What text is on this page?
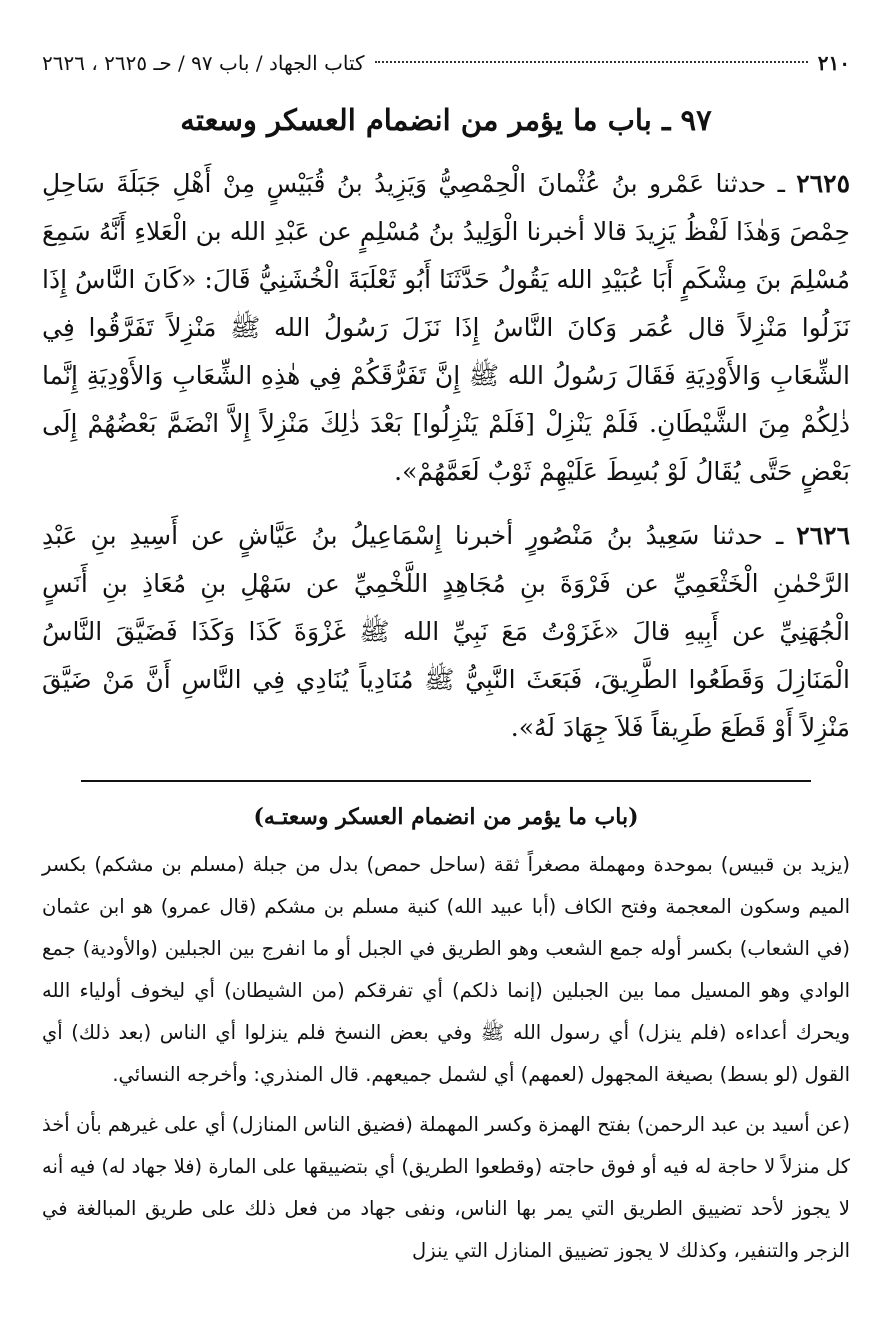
٢١٠
كتاب الجهاد / باب ٩٧ / حـ ٢٦٢٥ ، ٢٦٢٦
٩٧ ـ باب ما يؤمر من انضمام العسكر وسعته

٢٦٢٥ ـ حدثنا عَمْرو بنُ عُثْمانَ الْحِمْصِيُّ وَيَزِيدُ بنُ قُبَيْسٍ مِنْ أَهْلِ جَبَلَةَ سَاحِلِ حِمْصَ وَهٰذَا لَفْظُ يَزِيدَ قالا أخبرنا الْوَلِيدُ بنُ مُسْلِمٍ عن عَبْدِ الله بن الْعَلاءِ أَنَّهُ سَمِعَ مُسْلِمَ بنَ مِشْكَمٍ أَبَا عُبَيْدِ الله يَقُولُ حَدَّثَنَا أَبُو ثَعْلَبَةَ الْخُشَنِيُّ قَالَ: «كَانَ النَّاسُ إِذَا نَزَلُوا مَنْزِلاً قال عُمَر وَكانَ النَّاسُ إِذَا نَزَلَ رَسُولُ الله ﷺ مَنْزِلاً تَفَرَّقُوا فِي الشِّعَابِ وَالأَوْدِيَةِ فَقَالَ رَسُولُ الله ﷺ إِنَّ تَفَرُّقَكُمْ فِي هٰذِهِ الشِّعَابِ وَالأَوْدِيَةِ إِنَّما ذٰلِكُمْ مِنَ الشَّيْطَانِ. فَلَمْ يَنْزِلْ [فَلَمْ يَنْزِلُوا] بَعْدَ ذٰلِكَ مَنْزِلاً إِلاَّ انْضَمَّ بَعْضُهُمْ إِلَى بَعْضٍ حَتَّى يُقَالُ لَوْ بُسِطَ عَلَيْهِمْ ثَوْبٌ لَعَمَّهُمْ».

٢٦٢٦ ـ حدثنا سَعِيدُ بنُ مَنْصُورٍ أخبرنا إِسْمَاعِيلُ بنُ عَيَّاشٍ عن أَسِيدِ بنِ عَبْدِ الرَّحْمٰنِ الْخَثْعَمِيِّ عن فَرْوَةَ بنِ مُجَاهِدٍ اللَّخْمِيِّ عن سَهْلِ بنِ مُعَاذِ بنِ أَنَسٍ الْجُهَنِيِّ عن أَبِيهِ قالَ «غَزَوْتُ مَعَ نَبِيِّ الله ﷺ غَزْوَةَ كَذَا وَكَذَا فَضَيَّقَ النَّاسُ الْمَنَازِلَ وَقَطَعُوا الطَّرِيقَ، فَبَعَثَ النَّبِيُّ ﷺ مُنَادِياً يُنَادِي فِي النَّاسِ أَنَّ مَنْ ضَيَّقَ مَنْزِلاً أَوْ قَطَعَ طَرِيقاً فَلاَ جِهَادَ لَهُ».

(باب ما يؤمر من انضمام العسكر وسعتـه)

(يزيد بن قبيس) بموحدة ومهملة مصغراً ثقة (ساحل حمص) بدل من جبلة (مسلم بن مشكم) بكسر الميم وسكون المعجمة وفتح الكاف (أبا عبيد الله) كنية مسلم بن مشكم (قال عمرو) هو ابن عثمان (في الشعاب) بكسر أوله جمع الشعب وهو الطريق في الجبل أو ما انفرج بين الجبلين (والأودية) جمع الوادي وهو المسيل مما بين الجبلين (إنما ذلكم) أي تفرقكم (من الشيطان) أي ليخوف أولياء الله ويحرك أعداءه (فلم ينزل) أي رسول الله ﷺ وفي بعض النسخ فلم ينزلوا أي الناس (بعد ذلك) أي القول (لو بسط) بصيغة المجهول (لعمهم) أي لشمل جميعهم. قال المنذري: وأخرجه النسائي.

(عن أسيد بن عبد الرحمن) بفتح الهمزة وكسر المهملة (فضيق الناس المنازل) أي على غيرهم بأن أخذ كل منزلاً لا حاجة له فيه أو فوق حاجته (وقطعوا الطريق) أي بتضييقها على المارة (فلا جهاد له) فيه أنه لا يجوز لأحد تضييق الطريق التي يمر بها الناس، ونفى جهاد من فعل ذلك على طريق المبالغة في الزجر والتنفير، وكذلك لا يجوز تضييق المنازل التي ينزل
